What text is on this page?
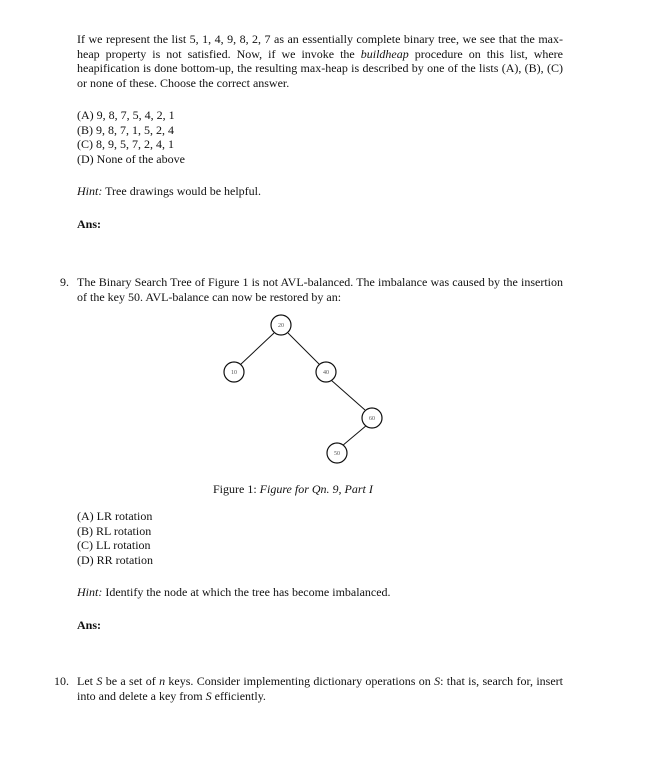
If we represent the list 5, 1, 4, 9, 8, 2, 7 as an essentially complete binary tree, we see that the max-heap property is not satisfied. Now, if we invoke the buildheap procedure on this list, where heapification is done bottom-up, the resulting max-heap is described by one of the lists (A), (B), (C) or none of these. Choose the correct answer.
(A) 9, 8, 7, 5, 4, 2, 1
(B) 9, 8, 7, 1, 5, 2, 4
(C) 8, 9, 5, 7, 2, 4, 1
(D) None of the above
Hint: Tree drawings would be helpful.
Ans:
9. The Binary Search Tree of Figure 1 is not AVL-balanced. The imbalance was caused by the insertion of the key 50. AVL-balance can now be restored by an:
20
10	40
60
50
Figure 1: Figure for Qn. 9, Part I
(A) LR rotation
(B) RL rotation
(C) LL rotation
(D) RR rotation
Hint: Identify the node at which the tree has become imbalanced.
Ans:
10. Let S be a set of n keys. Consider implementing dictionary operations on S: that is, search for, insert into and delete a key from S efficiently.
